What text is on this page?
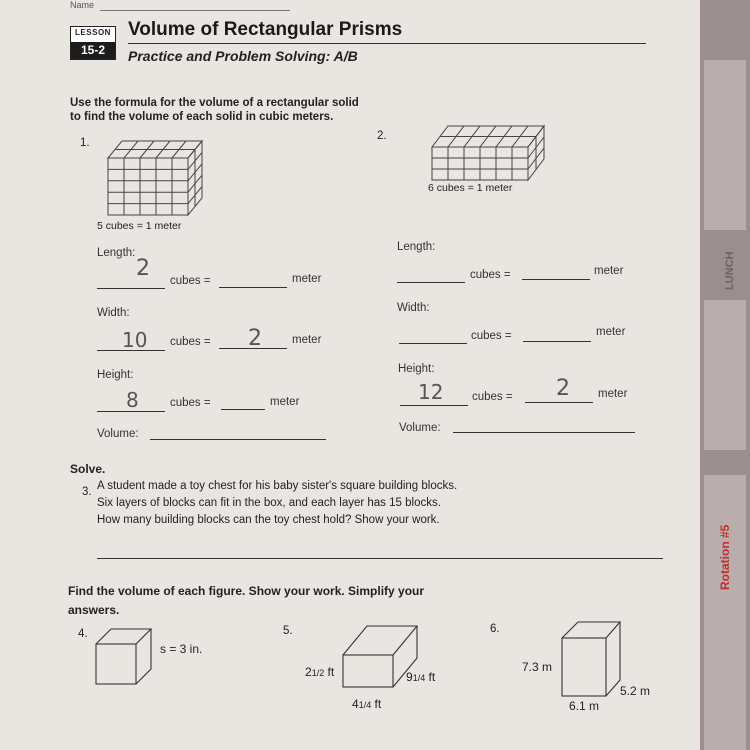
Name
LESSON
15-2
Volume of Rectangular Prisms
Practice and Problem Solving: A/B
Use the formula for the volume of a rectangular solid
to find the volume of each solid in cubic meters.
1.
5 cubes = 1 meter
Length:
2 cubes =	meter
Width:
10 cubes = 2	meter
Height:
8	cubes =	meter
Volume:
2.
6 cubes = 1 meter
Length:
cubes =	meter
Width:
cubes =	meter
Height:
12 cubes = 2 meter
Volume:
Solve.
3. A student made a toy chest for his baby sister's square building blocks.
Six layers of blocks can fit in the box, and each layer has 15 blocks.
How many building blocks can the toy chest hold? Show your work.
Find the volume of each figure. Show your work. Simplify your
answers.
4.
s = 3 in.
5.
21/2 ft	91/4 ft
41/4 ft
6.
7.3 m
5.2 m
6.1 m
Rotation #5
LUNCH
